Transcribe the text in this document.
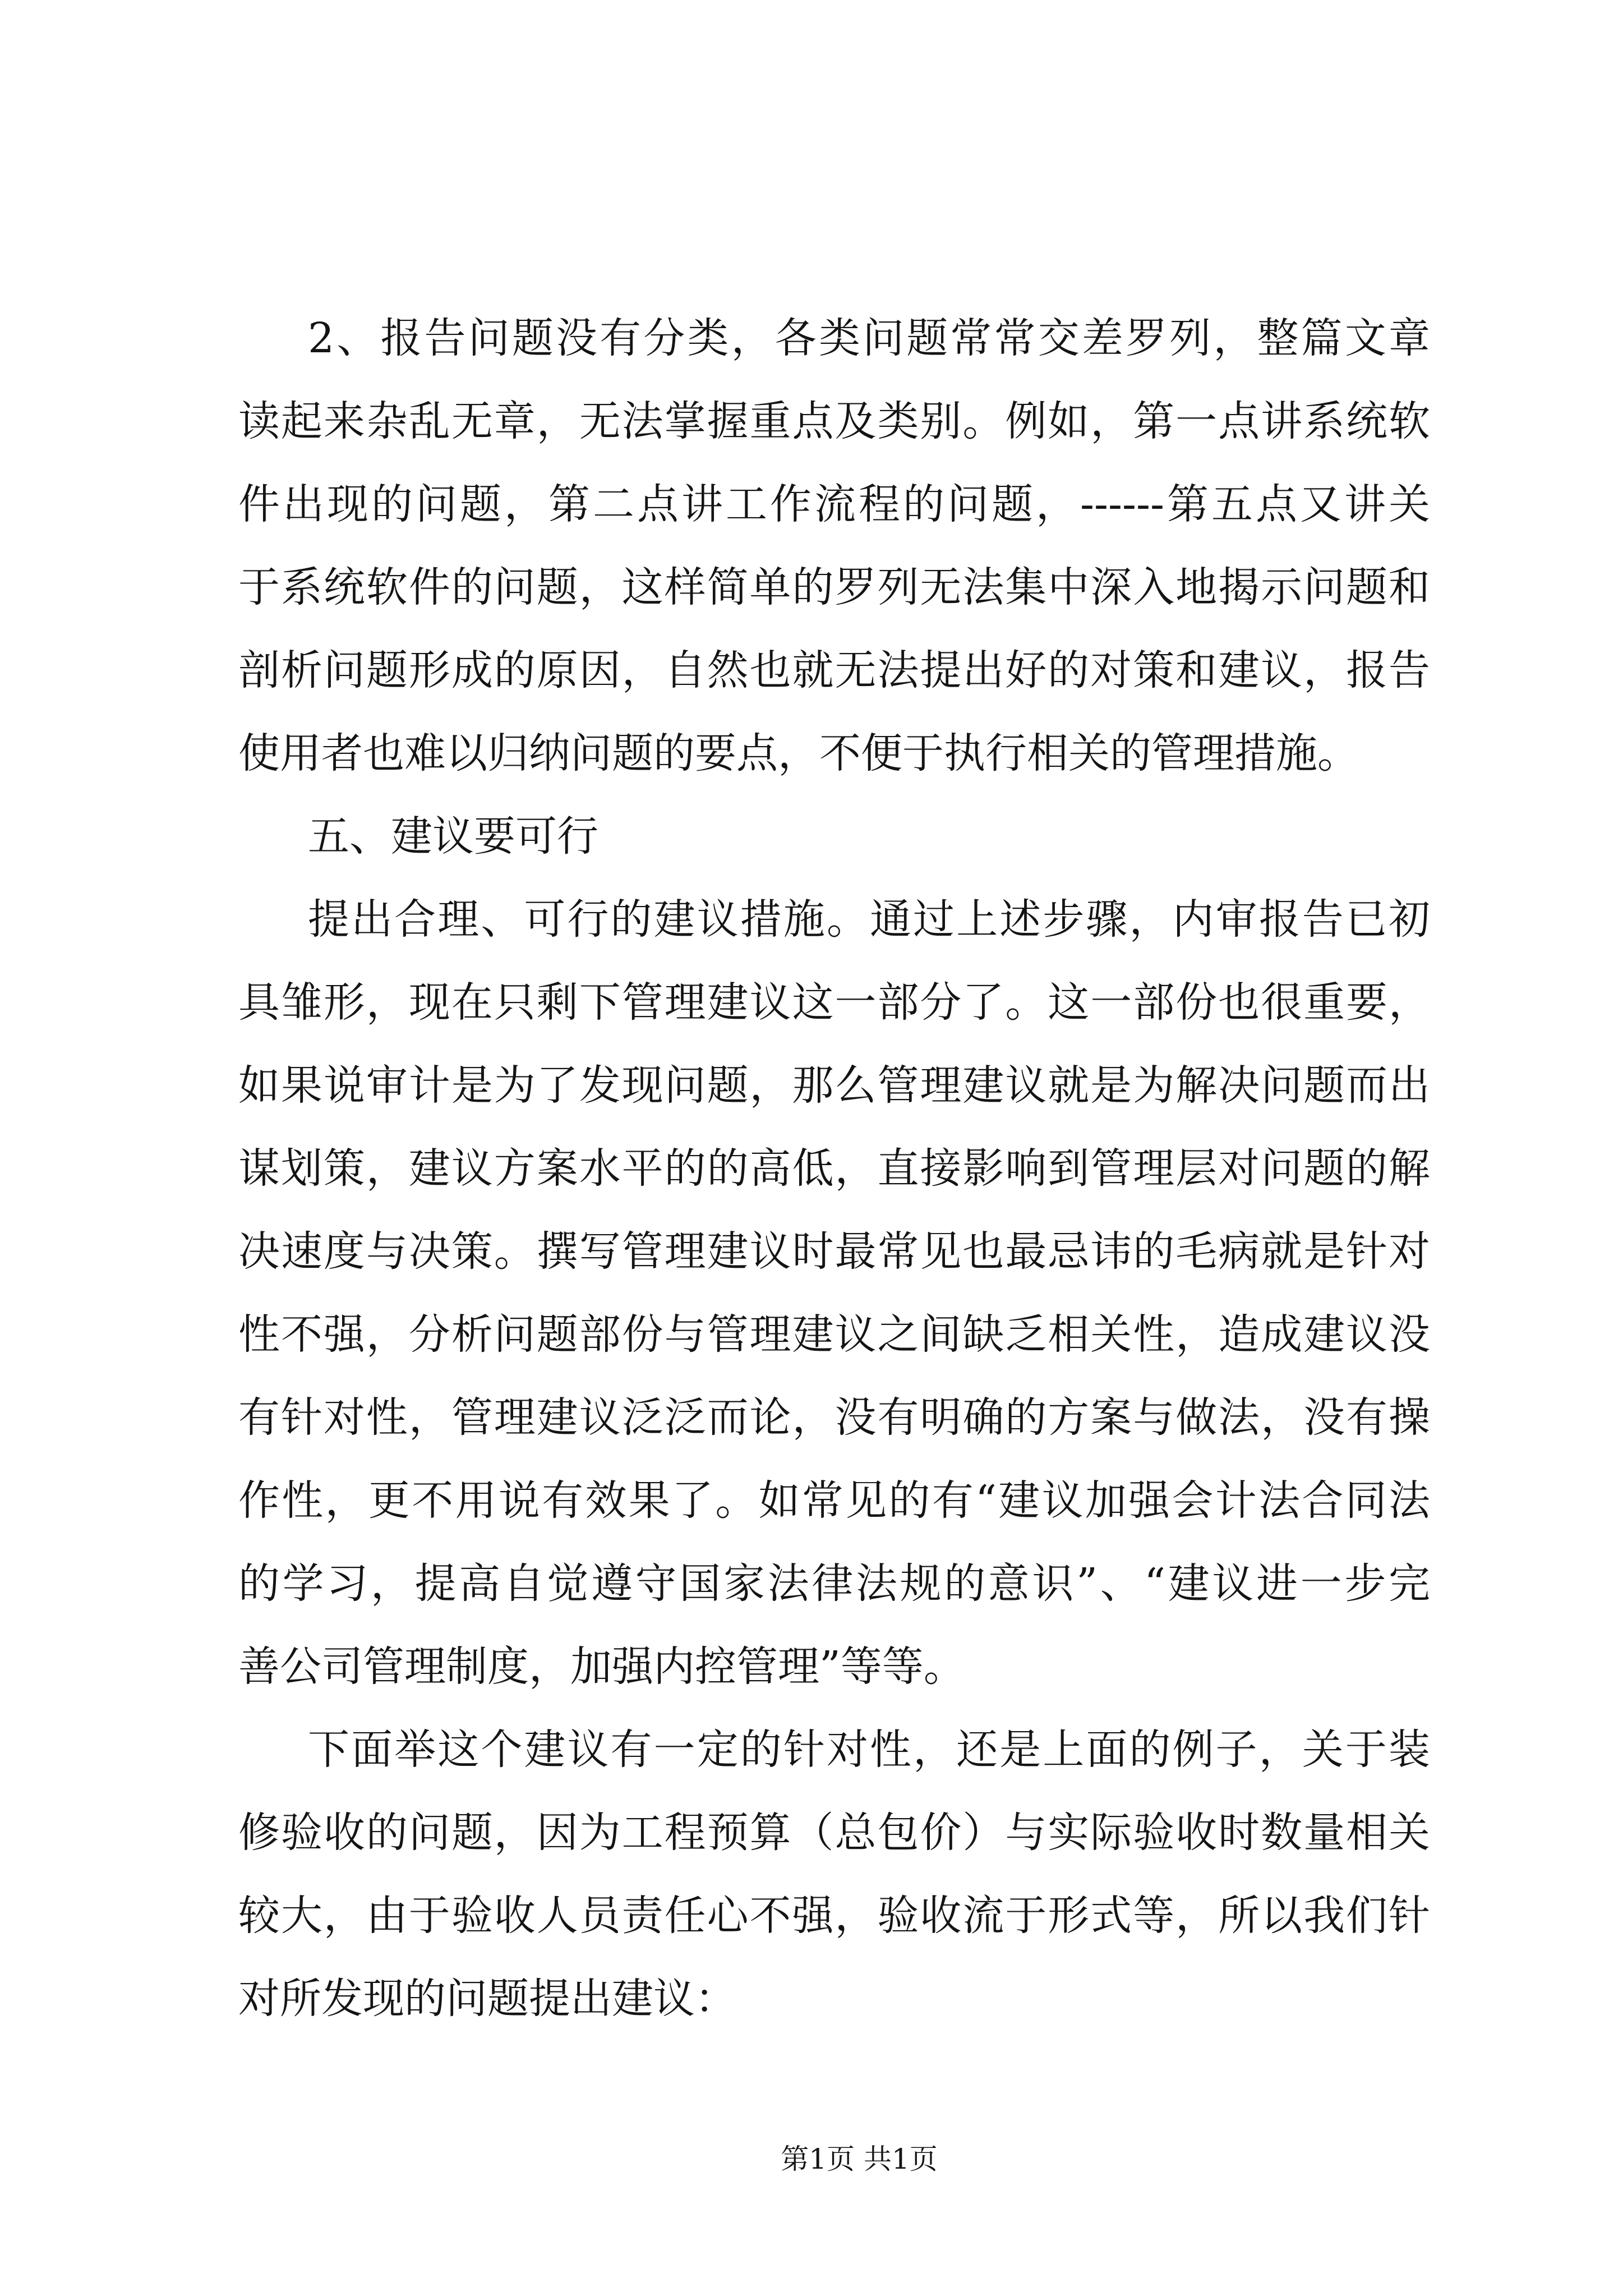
2、报告问题没有分类，各类问题常常交差罗列，整篇文章
读起来杂乱无章，无法掌握重点及类别。例如，第一点讲系统软
件出现的问题，第二点讲工作流程的问题，------第五点又讲关
于系统软件的问题，这样简单的罗列无法集中深入地揭示问题和
剖析问题形成的原因，自然也就无法提出好的对策和建议，报告
使用者也难以归纳问题的要点，不便于执行相关的管理措施。
五、建议要可行
提出合理、可行的建议措施。通过上述步骤，内审报告已初
具雏形，现在只剩下管理建议这一部分了。这一部份也很重要，
如果说审计是为了发现问题，那么管理建议就是为解决问题而出
谋划策，建议方案水平的的高低，直接影响到管理层对问题的解
决速度与决策。撰写管理建议时最常见也最忌讳的毛病就是针对
性不强，分析问题部份与管理建议之间缺乏相关性，造成建议没
有针对性，管理建议泛泛而论，没有明确的方案与做法，没有操
作性，更不用说有效果了。如常见的有“建议加强会计法合同法
的学习，提高自觉遵守国家法律法规的意识”、“建议进一步完
善公司管理制度，加强内控管理”等等。
下面举这个建议有一定的针对性，还是上面的例子，关于装
修验收的问题，因为工程预算（总包价）与实际验收时数量相关
较大，由于验收人员责任心不强，验收流于形式等，所以我们针
对所发现的问题提出建议：
第1页 共1页
